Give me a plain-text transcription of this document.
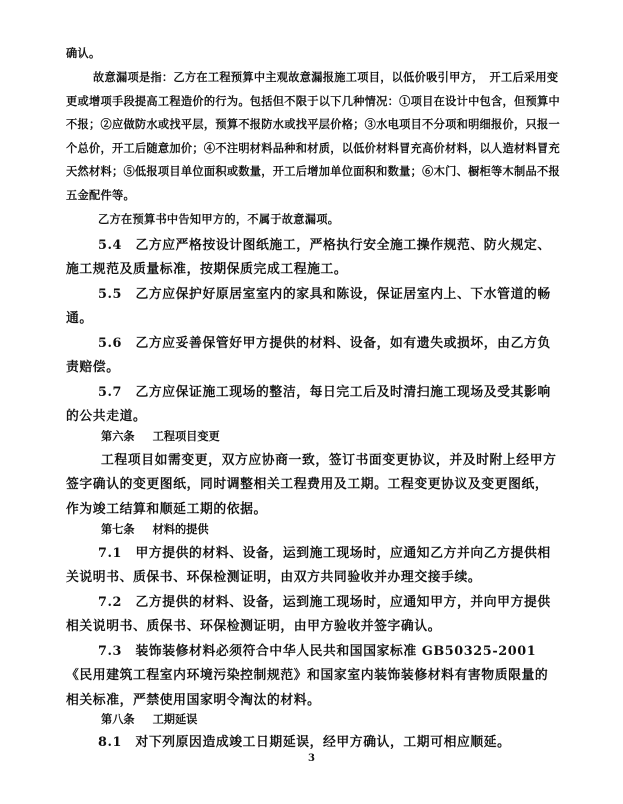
确认。

故意漏项是指：乙方在工程预算中主观故意漏报施工项目，以低价吸引甲方，　开工后采用变更或增项手段提高工程造价的行为。包括但不限于以下几种情况：①项目在设计中包含，但预算中不报；②应做防水或找平层，预算不报防水或找平层价格；③水电项目不分项和明细报价，只报一个总价，开工后随意加价；④不注明材料品种和材质，以低价材料冒充高价材料，以人造材料冒充天然材料；⑤低报项目单位面积或数量，开工后增加单位面积和数量；⑥木门、橱柜等木制品不报五金配件等。

乙方在预算书中告知甲方的，不属于故意漏项。

5.4　乙方应严格按设计图纸施工，严格执行安全施工操作规范、防火规定、施工规范及质量标准，按期保质完成工程施工。

5.5　乙方应保护好原居室室内的家具和陈设，保证居室内上、下水管道的畅通。

5.6　乙方应妥善保管好甲方提供的材料、设备，如有遗失或损坏，由乙方负责赔偿。

5.7　乙方应保证施工现场的整洁，每日完工后及时清扫施工现场及受其影响的公共走道。

第六条 工程项目变更

工程项目如需变更，双方应协商一致，签订书面变更协议，并及时附上经甲方签字确认的变更图纸，同时调整相关工程费用及工期。工程变更协议及变更图纸，作为竣工结算和顺延工期的依据。

第七条 材料的提供

7.1　甲方提供的材料、设备，运到施工现场时，应通知乙方并向乙方提供相关说明书、质保书、环保检测证明，由双方共同验收并办理交接手续。

7.2　乙方提供的材料、设备，运到施工现场时，应通知甲方，并向甲方提供相关说明书、质保书、环保检测证明，由甲方验收并签字确认。

7.3　装饰装修材料必须符合中华人民共和国国家标准 GB50325-2001《民用建筑工程室内环境污染控制规范》和国家室内装饰装修材料有害物质限量的相关标准，严禁使用国家明令淘汰的材料。

第八条 工期延误

8.1　对下列原因造成竣工日期延误，经甲方确认，工期可相应顺延。

3
